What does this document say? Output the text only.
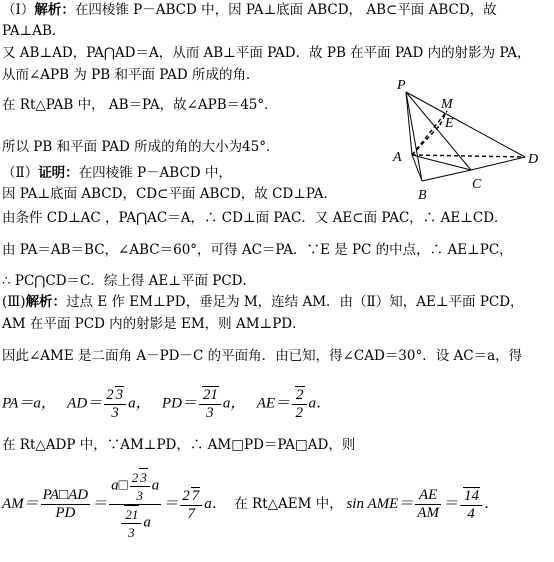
（Ⅰ）解析：在四棱锥 P－ABCD 中，因 PA⊥底面 ABCD， AB⊂平面 ABCD，故
PA⊥AB．
又 AB⊥AD，PA⋂AD＝A，从而 AB⊥平面 PAD．故 PB 在平面 PAD 内的射影为 PA，
从而∠APB 为 PB 和平面 PAD 所成的角．
在 Rt△PAB 中， AB＝PA，故∠APB＝45°．
所以 PB 和平面 PAD 所成的角的大小为45°．
（Ⅱ）证明：在四棱锥 P－ABCD 中，
因 PA⊥底面 ABCD，CD⊂平面 ABCD，故 CD⊥PA．
由条件 CD⊥AC ，PA⋂AC＝A，∴ CD⊥面 PAC．又 AE⊂面 PAC，∴ AE⊥CD．
由 PA＝AB＝BC，∠ABC＝60°，可得 AC＝PA．∵E 是 PC 的中点，∴ AE⊥PC，
∴ PC⋂CD＝C．综上得 AE⊥平面 PCD．
(Ⅲ)解析：过点 E 作 EM⊥PD，垂足为 M，连结 AM．由（Ⅱ）知，AE⊥平面 PCD，
AM 在平面 PCD 内的射影是 EM，则 AM⊥PD．
因此∠AME 是二面角 A－PD－C 的平面角．由已知，得∠CAD＝30°．设 AC＝a，得
PA＝a， $AD= \frac{2 3}{3}$ a， $PD= \frac{21}{3}$ a， $AE= \frac{2}{2}$ a．
在 Rt△ADP 中，∵AM⊥PD，∴ AM□PD＝PA□AD，则
$AM= \frac{PA□AD}{PD} = \frac{a□ \frac{2 3}{3} a}{\frac{21}{3} a} = \frac{2 7}{7}$ a． 在 Rt△AEM 中， $\sin AME= \frac{AE}{AM} = \frac{14}{4}$ ．
P
M
E
A	D
B
C
